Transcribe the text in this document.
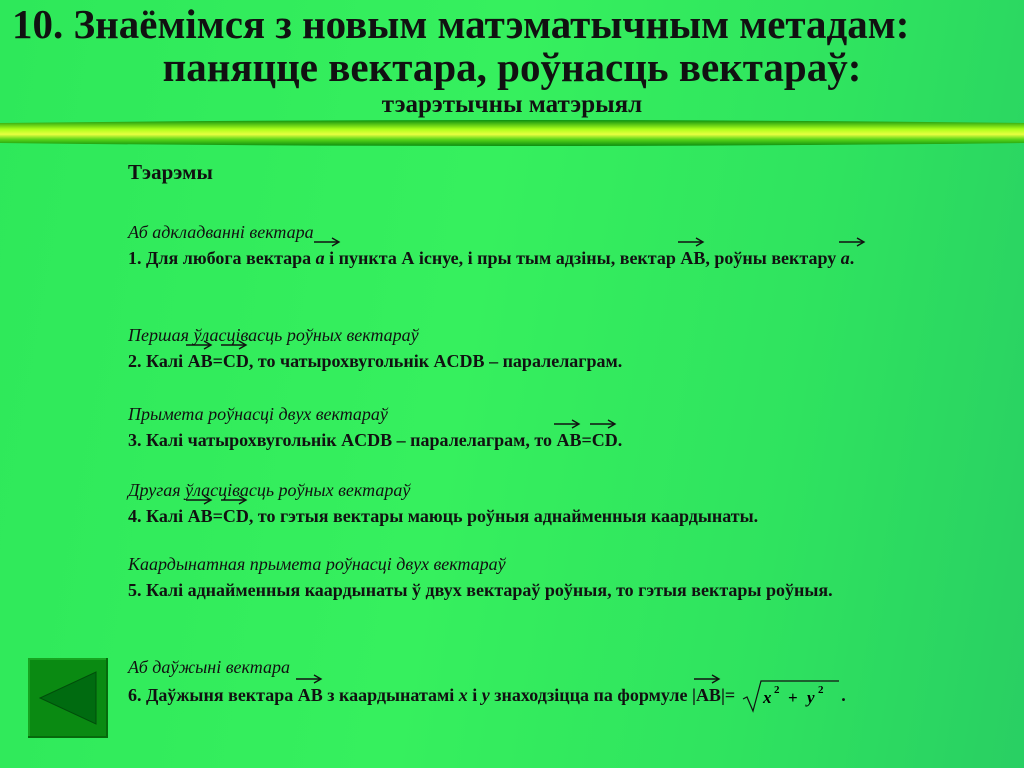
10. Знаёмімся з новым матэматычным метадам:
паняцце вектара, роўнасць вектараў:
тэарэтычны матэрыял
Тэарэмы
Аб адкладванні вектара
1. Для любога вектара
a і пункта А існуе, і пры тым адзіны, вектар
AB, роўны вектару
a.
Першая ўласцівасць роўных вектараў
2. Калі
AB=
CD, то чатырохвугольнік ACDB – паралелаграм.
Прымета роўнасці двух вектараў
3. Калі чатырохвугольнік ACDB – паралелаграм, то
AB=
CD.
Другая ўласцівасць роўных вектараў
4. Калі
AB=
CD, то гэтыя вектары маюць роўныя аднайменныя каардынаты.
Каардынатная прымета роўнасці двух вектараў
5. Калі аднайменныя каардынаты ў двух вектараў роўныя, то гэтыя вектары роўныя.
Аб даўжыні вектара
6. Даўжыня вектара
AB з каардынатамі x і y знаходзіцца па формуле |
AB|= x 2 + y 2 .
